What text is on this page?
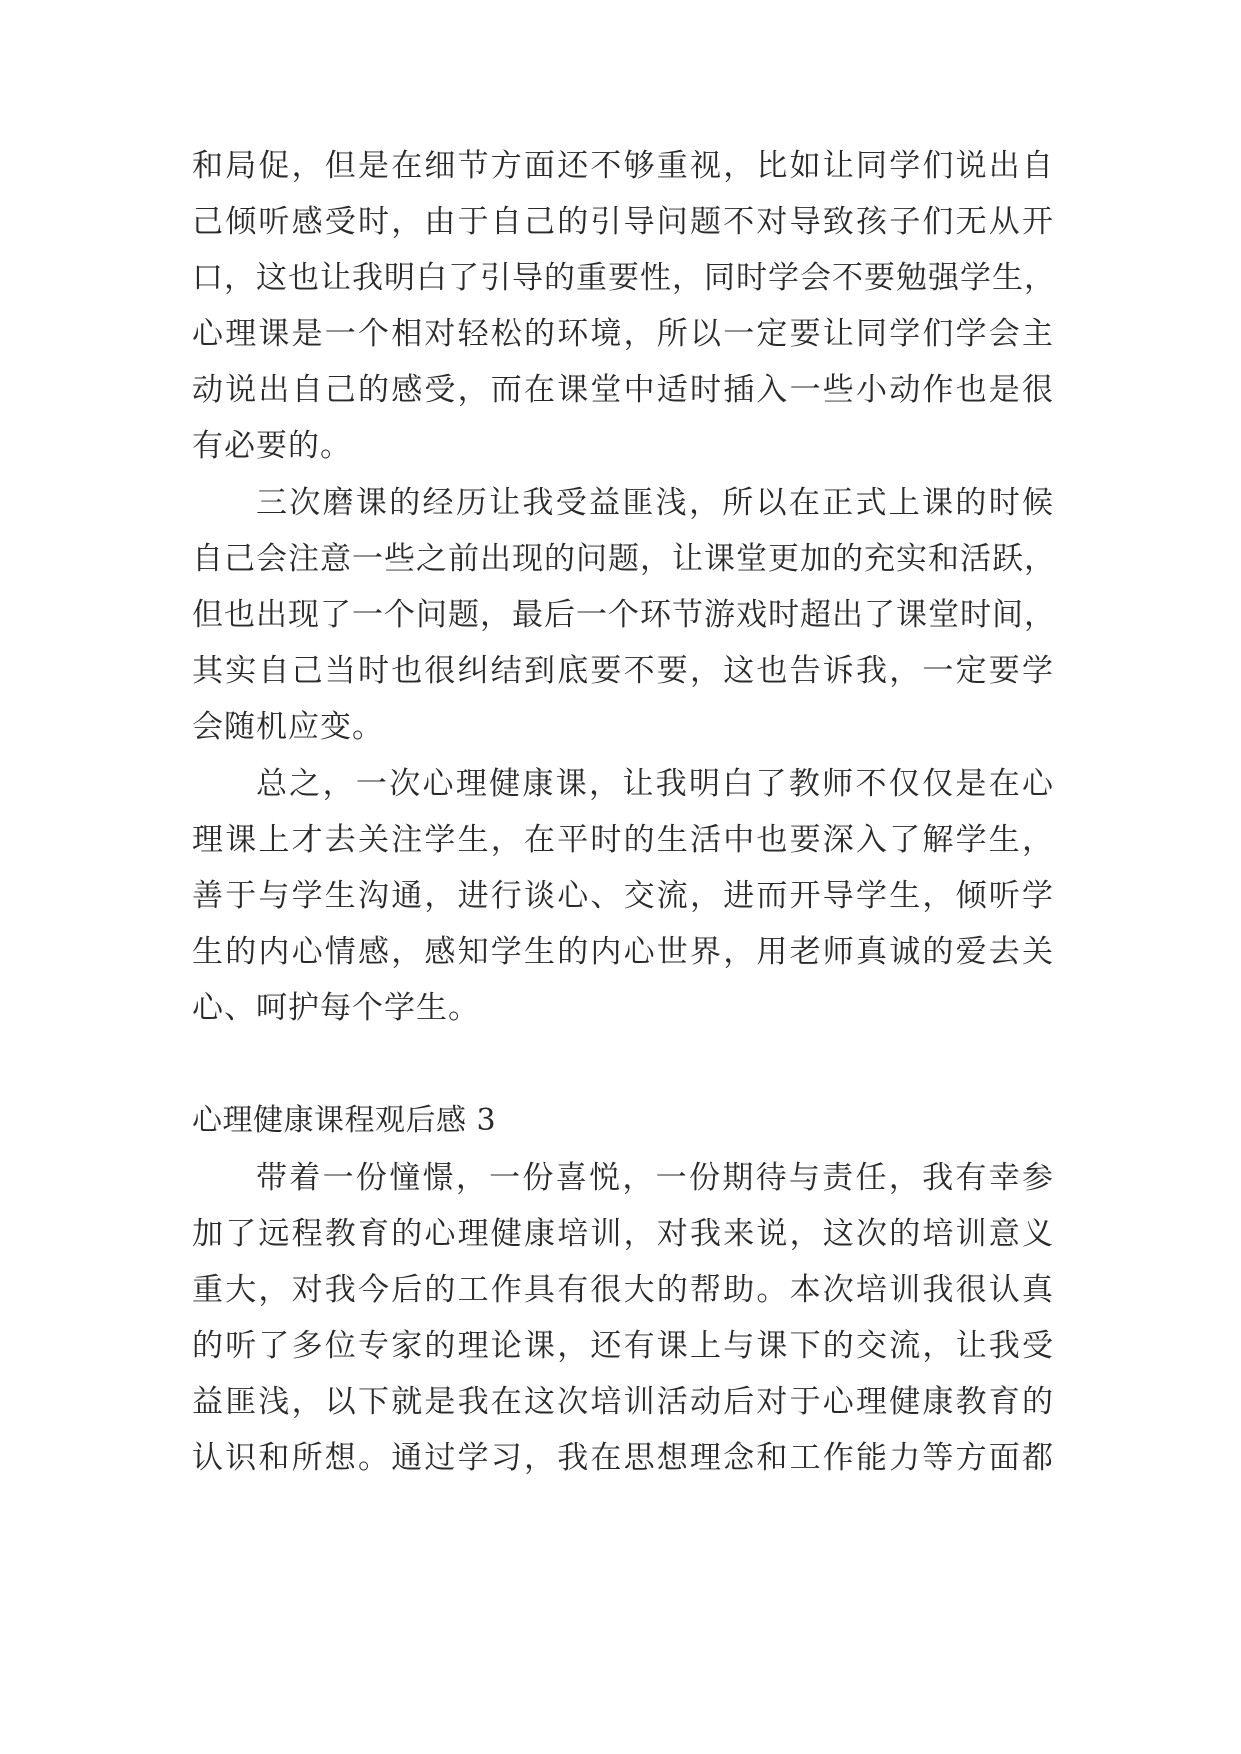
和局促，但是在细节方面还不够重视，比如让同学们说出自
己倾听感受时，由于自己的引导问题不对导致孩子们无从开
口，这也让我明白了引导的重要性，同时学会不要勉强学生，
心理课是一个相对轻松的环境，所以一定要让同学们学会主
动说出自己的感受，而在课堂中适时插入一些小动作也是很
有必要的。
三次磨课的经历让我受益匪浅，所以在正式上课的时候
自己会注意一些之前出现的问题，让课堂更加的充实和活跃，
但也出现了一个问题，最后一个环节游戏时超出了课堂时间，
其实自己当时也很纠结到底要不要，这也告诉我，一定要学
会随机应变。
总之，一次心理健康课，让我明白了教师不仅仅是在心
理课上才去关注学生，在平时的生活中也要深入了解学生，
善于与学生沟通，进行谈心、交流，进而开导学生，倾听学
生的内心情感，感知学生的内心世界，用老师真诚的爱去关
心、呵护每个学生。
心理健康课程观后感 3
带着一份憧憬，一份喜悦，一份期待与责任，我有幸参
加了远程教育的心理健康培训，对我来说，这次的培训意义
重大，对我今后的工作具有很大的帮助。本次培训我很认真
的听了多位专家的理论课，还有课上与课下的交流，让我受
益匪浅，以下就是我在这次培训活动后对于心理健康教育的
认识和所想。通过学习，我在思想理念和工作能力等方面都
